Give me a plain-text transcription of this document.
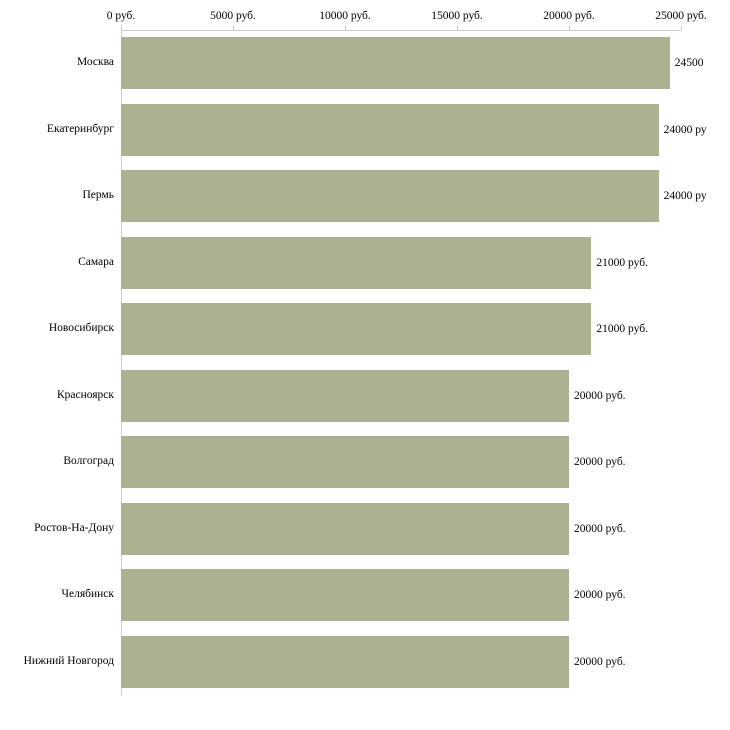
0 руб.	5000 руб.	10000 руб.	15000 руб.	20000 руб.	25000 руб.
Москва
Екатеринбург
Пермь
Самара
Новосибирск
Красноярск
Волгоград
Ростов-На-Дону
Челябинск
Нижний Новгород
24500
24000 ру
24000 ру
21000 руб.
21000 руб.
20000 руб.
20000 руб.
20000 руб.
20000 руб.
20000 руб.
